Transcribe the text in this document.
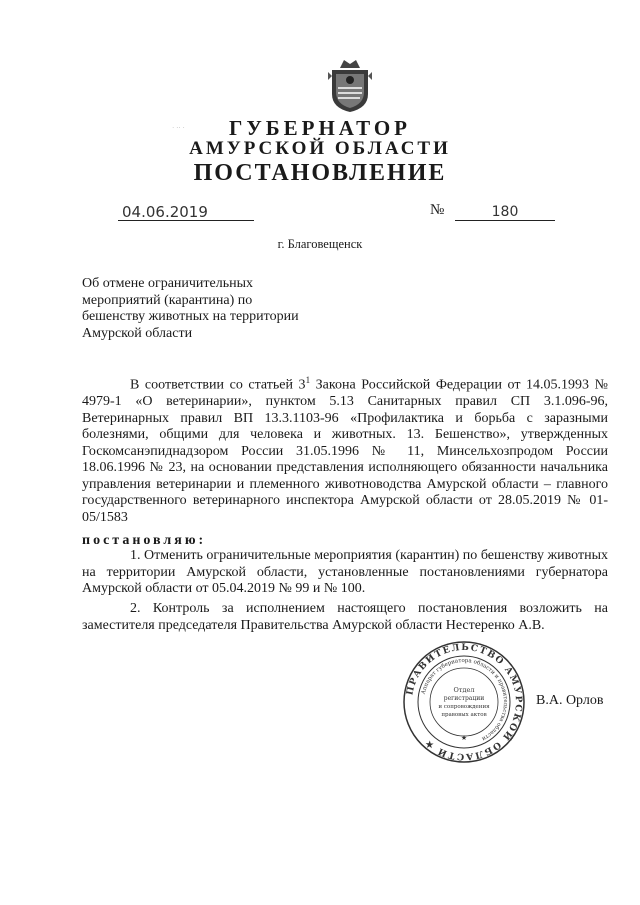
· ·· ·	ГУБЕРНАТОР
АМУРСКОЙ ОБЛАСТИ
ПОСТАНОВЛЕНИЕ
04.06.2019	№	180
г. Благовещенск
Об отмене ограничительных мероприятий (карантина) по бешенству животных на территории Амурской области
В соответствии со статьей $3^1$ Закона Российской Федерации от 14.05.1993 № 4979-1 «О ветеринарии», пунктом 5.13 Санитарных правил СП 3.1.096-96, Ветеринарных правил ВП 13.3.1103-96 «Профилактика и борьба с заразными болезнями, общими для человека и животных. 13. Бешенство», утвержденных Госкомсанэпиднадзором России 31.05.1996 № 11, Минсельхозпродом России 18.06.1996 № 23, на основании представления исполняющего обязанности начальника управления ветеринарии и племенного животноводства Амурской области – главного государственного ветеринарного инспектора Амурской области от 28.05.2019 № 01-05/1583
постановляю:
1. Отменить ограничительные мероприятия (карантин) по бешенству животных на территории Амурской области, установленные постановлениями губернатора Амурской области от 05.04.2019 № 99 и № 100.
2. Контроль за исполнением настоящего постановления возложить на заместителя председателя Правительства Амурской области Нестеренко А.В.
ПРАВИТЕЛЬСТВО АМУРСКОЙ ОБЛАСТИ ★
Аппарат губернатора области и правительства области
Отдел
регистрации
и сопровождения
правовых актов
★
В.А. Орлов
